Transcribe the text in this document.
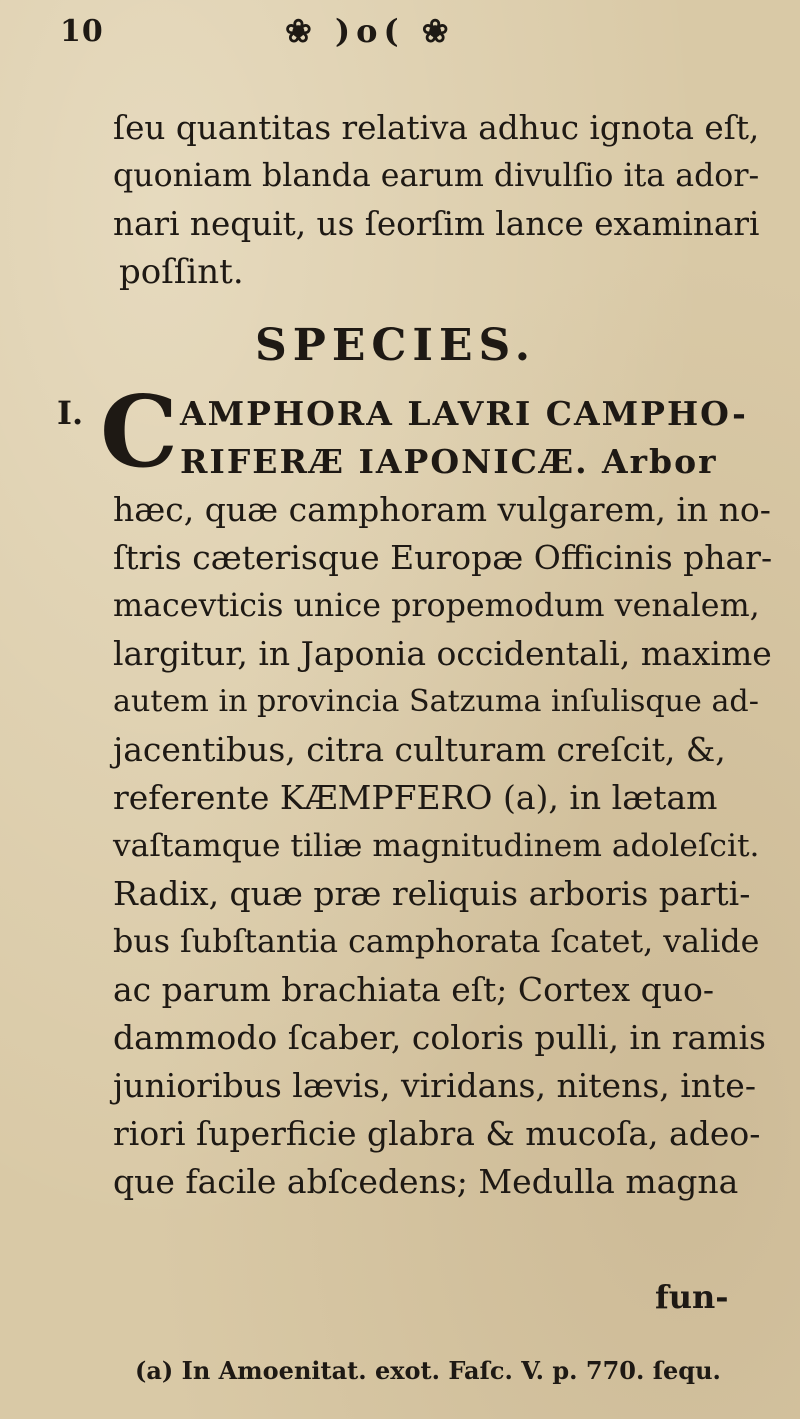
10	❀ )o( ❀
ſeu quantitas relativa adhuc ignota eſt,
quoniam blanda earum divulſio ita ador-
nari nequit, us ſeorſim lance examinari
poſſint.
SPECIES.
I. C AMPHORA LAVRI CAMPHO-
RIFERÆ IAPONICÆ. Arbor
hæc, quæ camphoram vulgarem, in no-
ſtris cæterisque Europæ Officinis phar-
macevticis unice propemodum venalem,
largitur, in Japonia occidentali, maxime
autem in provincia Satzuma inſulisque ad-
jacentibus, citra culturam creſcit, &,
referente KÆMPFERO (a), in lætam
vaſtamque tiliæ magnitudinem adoleſcit.
Radix, quæ præ reliquis arboris parti-
bus ſubſtantia camphorata ſcatet, valide
ac parum brachiata eſt; Cortex quo-
dammodo ſcaber, coloris pulli, in ramis
junioribus lævis, viridans, nitens, inte-
riori ſuperficie glabra & mucoſa, adeo-
que facile abſcedens; Medulla magna
fun-
(a) In Amoenitat. exot. Faſc. V. p. 770. ſequ.
